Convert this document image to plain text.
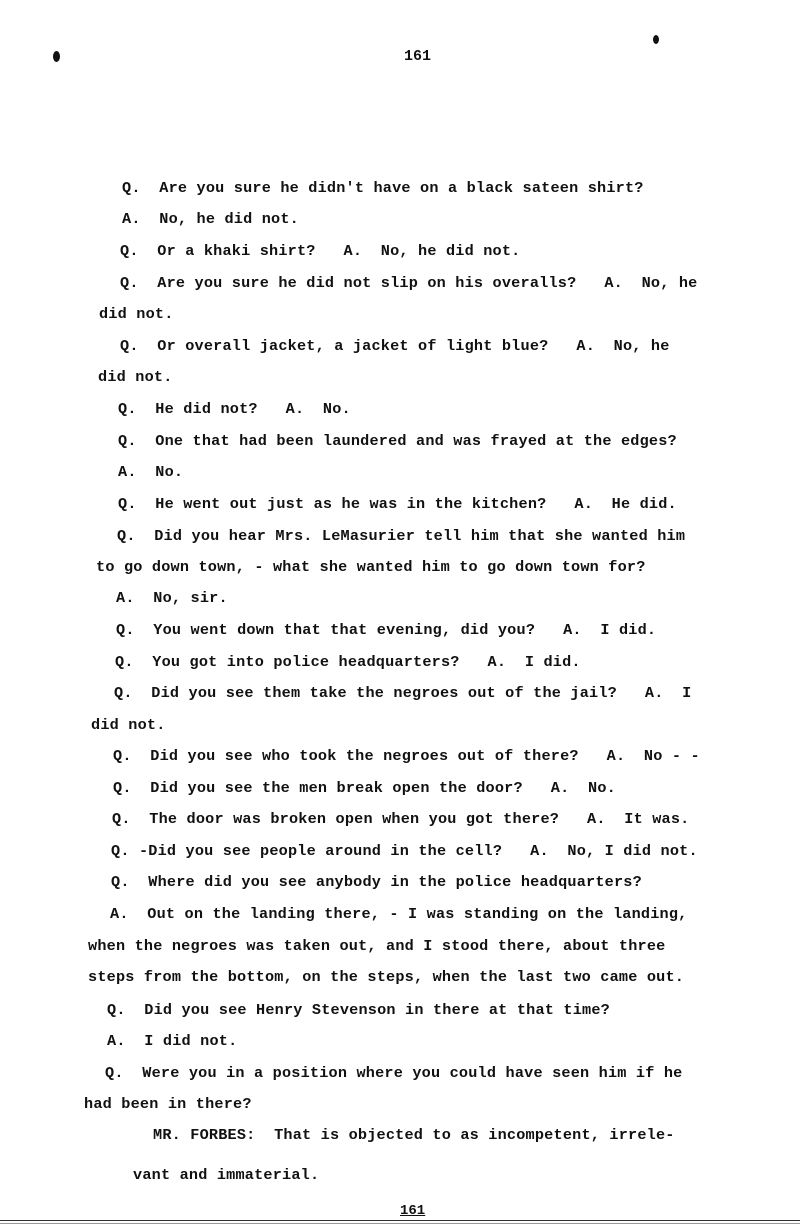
161
Q.  Are you sure he didn't have on a black sateen shirt?
A.  No, he did not.
Q.  Or a khaki shirt?   A.  No, he did not.
Q.  Are you sure he did not slip on his overalls?   A.  No, he
did not.
Q.  Or overall jacket, a jacket of light blue?   A.  No, he
did not.
Q.  He did not?   A.  No.
Q.  One that had been laundered and was frayed at the edges?
A.  No.
Q.  He went out just as he was in the kitchen?   A.  He did.
Q.  Did you hear Mrs. LeMasurier tell him that she wanted him
to go down town, - what she wanted him to go down town for?
A.  No, sir.
Q.  You went down that that evening, did you?   A.  I did.
Q.  You got into police headquarters?   A.  I did.
Q.  Did you see them take the negroes out of the jail?   A.  I
did not.
Q.  Did you see who took the negroes out of there?   A.  No - -
Q.  Did you see the men break open the door?   A.  No.
Q.  The door was broken open when you got there?   A.  It was.
Q. -Did you see people around in the cell?   A.  No, I did not.
Q.  Where did you see anybody in the police headquarters?
A.  Out on the landing there, - I was standing on the landing,
when the negroes was taken out, and I stood there, about three
steps from the bottom, on the steps, when the last two came out.
Q.  Did you see Henry Stevenson in there at that time?
A.  I did not.
Q.  Were you in a position where you could have seen him if he
had been in there?
MR. FORBES:  That is objected to as incompetent, irrele-
vant and immaterial.
161
